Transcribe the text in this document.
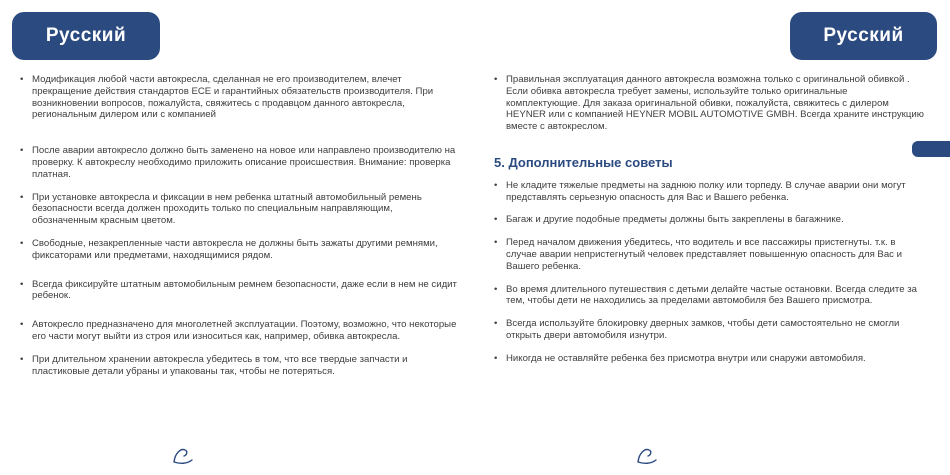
Русский	Русский

• Модификация любой части автокресла, сделанная не его производителем, влечет прекращение действия стандартов ECE и гарантийных обязательств производителя. При возникновении вопросов, пожалуйста, свяжитесь с продавцом данного автокресла, региональным дилером или с компанией

• После аварии автокресло должно быть заменено на новое или направлено производителю на проверку. К автокреслу необходимо приложить описание происшествия. Внимание: проверка платная.

• При установке автокресла и фиксации в нем ребенка штатный автомобильный ремень безопасности всегда должен проходить только по специальным направляющим, обозначенным красным цветом.

• Свободные, незакрепленные части автокресла не должны быть зажаты другими ремнями, фиксаторами или предметами, находящимися рядом.

• Всегда фиксируйте штатным автомобильным ремнем безопасности, даже если в нем не сидит ребенок.

• Автокресло предназначено для многолетней эксплуатации. Поэтому, возможно, что некоторые его части могут выйти из строя или износиться как, например, обивка автокресла.

• При длительном хранении автокресла убедитесь в том, что все твердые запчасти и пластиковые детали убраны и упакованы так, чтобы не потеряться.

• Правильная эксплуатация данного автокресла возможна только с оригинальной обивкой . Если обивка автокресла требует замены, используйте только оригинальные комплектующие. Для заказа оригинальной обивки, пожалуйста, свяжитесь с дилером HEYNER или с компанией HEYNER MOBIL AUTOMOTIVE GMBH. Всегда храните инструкцию вместе с автокреслом.

5. Дополнительные советы

• Не кладите тяжелые предметы на заднюю полку или торпеду. В случае аварии они могут представлять серьезную опасность для Вас и Вашего ребенка.

• Багаж и другие подобные предметы должны быть закреплены в багажнике.

• Перед началом движения убедитесь, что водитель и все пассажиры пристегнуты. т.к. в случае аварии непристегнутый человек представляет повышенную опасность для Вас и Вашего ребенка.

• Во время длительного путешествия с детьми делайте частые остановки. Всегда следите за тем, чтобы дети не находились за пределами автомобиля без Вашего присмотра.

• Всегда используйте блокировку дверных замков, чтобы дети самостоятельно не смогли открыть двери автомобиля изнутри.

• Никогда не оставляйте ребенка без присмотра внутри или снаружи автомобиля.
